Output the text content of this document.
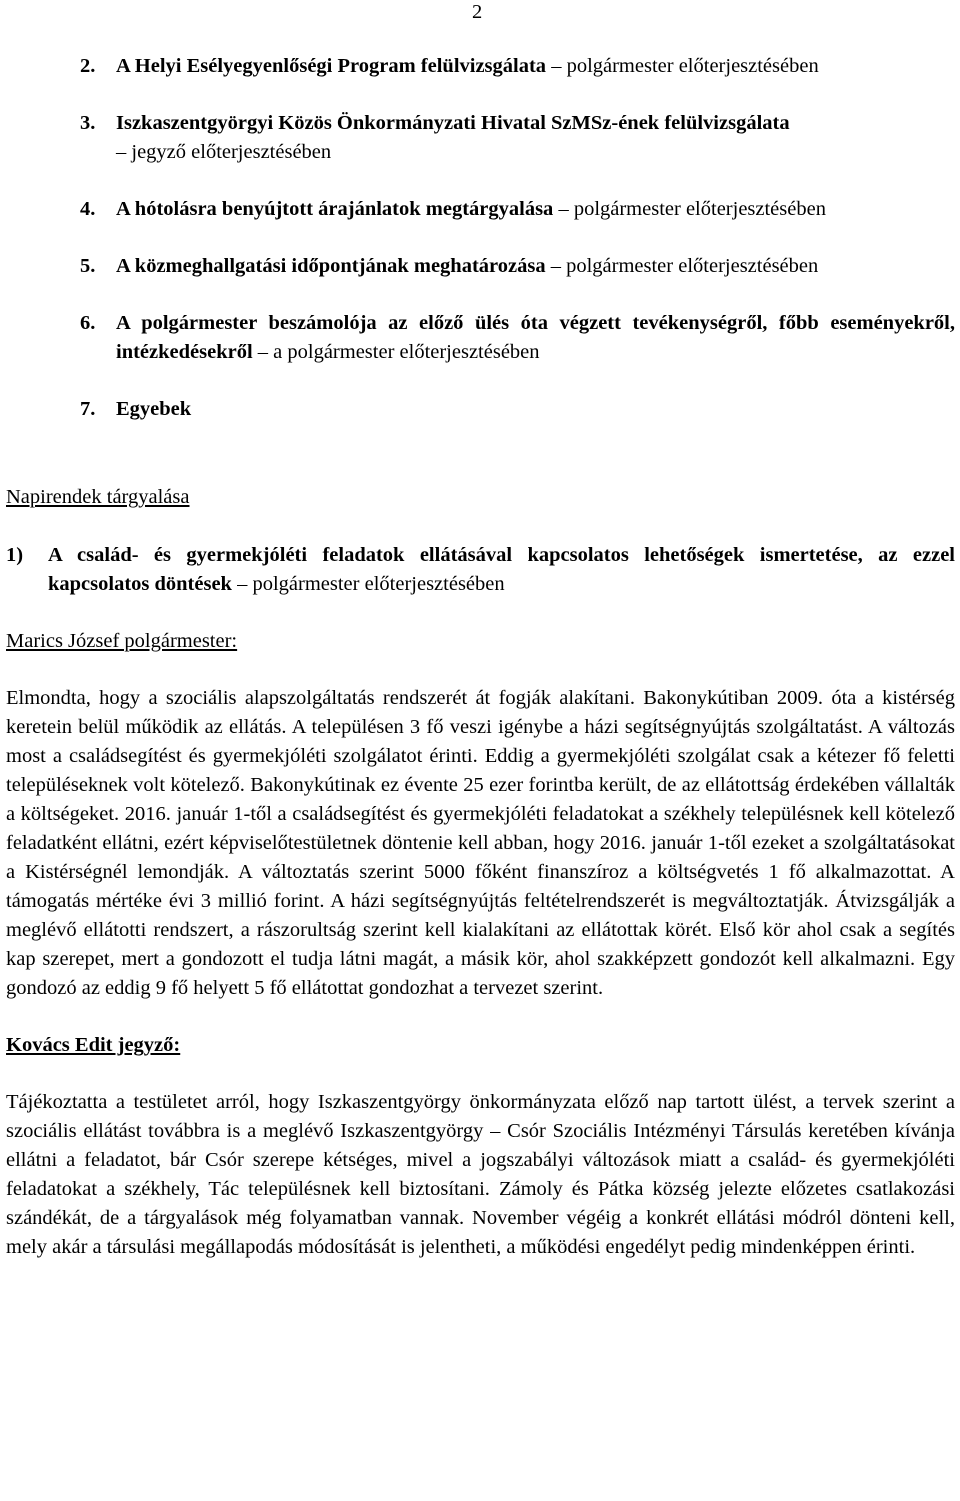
2
2. A Helyi Esélyegyenlőségi Program felülvizsgálata – polgármester előterjesztésében
3. Iszkaszentgyörgyi Közös Önkormányzati Hivatal SzMSz-ének felülvizsgálata
– jegyző előterjesztésében
4. A hótolásra benyújtott árajánlatok megtárgyalása – polgármester előterjesztésében
5. A közmeghallgatási időpontjának meghatározása – polgármester előterjesztésében
6. A polgármester beszámolója az előző ülés óta végzett tevékenységről, főbb eseményekről, intézkedésekről – a polgármester előterjesztésében
7. Egyebek

Napirendek tárgyalása

1) A család- és gyermekjóléti feladatok ellátásával kapcsolatos lehetőségek ismertetése, az ezzel kapcsolatos döntések – polgármester előterjesztésében

Marics József polgármester:

Elmondta, hogy a szociális alapszolgáltatás rendszerét át fogják alakítani. Bakonykútiban 2009. óta a kistérség keretein belül működik az ellátás. A településen 3 fő veszi igénybe a házi segítségnyújtás szolgáltatást. A változás most a családsegítést és gyermekjóléti szolgálatot érinti. Eddig a gyermekjóléti szolgálat csak a kétezer fő feletti településeknek volt kötelező. Bakonykútinak ez évente 25 ezer forintba került, de az ellátottság érdekében vállalták a költségeket. 2016. január 1-től a családsegítést és gyermekjóléti feladatokat a székhely településnek kell kötelező feladatként ellátni, ezért képviselőtestületnek döntenie kell abban, hogy 2016. január 1-től ezeket a szolgáltatásokat a Kistérségnél lemondják. A változtatás szerint 5000 főként finanszíroz a költségvetés 1 fő alkalmazottat. A támogatás mértéke évi 3 millió forint. A házi segítségnyújtás feltételrendszerét is megváltoztatják. Átvizsgálják a meglévő ellátotti rendszert, a rászorultság szerint kell kialakítani az ellátottak körét. Első kör ahol csak a segítés kap szerepet, mert a gondozott el tudja látni magát, a másik kör, ahol szakképzett gondozót kell alkalmazni. Egy gondozó az eddig 9 fő helyett 5 fő ellátottat gondozhat a tervezet szerint.

Kovács Edit jegyző:

Tájékoztatta a testületet arról, hogy Iszkaszentgyörgy önkormányzata előző nap tartott ülést, a tervek szerint a szociális ellátást továbbra is a meglévő Iszkaszentgyörgy – Csór Szociális Intézményi Társulás keretében kívánja ellátni a feladatot, bár Csór szerepe kétséges, mivel a jogszabályi változások miatt a család- és gyermekjóléti feladatokat a székhely, Tác településnek kell biztosítani. Zámoly és Pátka község jelezte előzetes csatlakozási szándékát, de a tárgyalások még folyamatban vannak. November végéig a konkrét ellátási módról dönteni kell, mely akár a társulási megállapodás módosítását is jelentheti, a működési engedélyt pedig mindenképpen érinti.
